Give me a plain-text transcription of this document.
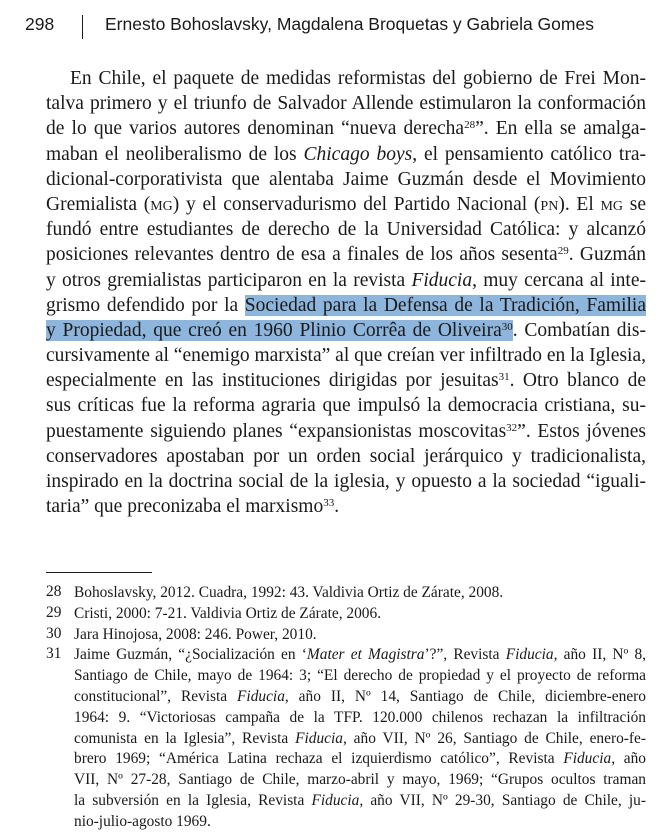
298	Ernesto Bohoslavsky, Magdalena Broquetas y Gabriela Gomes
En Chile, el paquete de medidas reformistas del gobierno de Frei Mon-
talva primero y el triunfo de Salvador Allende estimularon la conformación
de lo que varios autores denominan “nueva derecha$^{28}$”. En ella se amalga-
maban el neoliberalismo de los Chicago boys, el pensamiento católico tra-
dicional-corporativista que alentaba Jaime Guzmán desde el Movimiento
Gremialista (mg) y el conservadurismo del Partido Nacional (pn). El mg se
fundó entre estudiantes de derecho de la Universidad Católica: y alcanzó
posiciones relevantes dentro de esa a finales de los años sesenta$^{29}$. Guzmán
y otros gremialistas participaron en la revista Fiducia, muy cercana al inte-
grismo defendido por la Sociedad para la Defensa de la Tradición, Familia
y Propiedad, que creó en 1960 Plinio Corrêa de Oliveira$^{30}$. Combatían dis-
cursivamente al “enemigo marxista” al que creían ver infiltrado en la Iglesia,
especialmente en las instituciones dirigidas por jesuitas$^{31}$. Otro blanco de
sus críticas fue la reforma agraria que impulsó la democracia cristiana, su-
puestamente siguiendo planes “expansionistas moscovitas$^{32}$”. Estos jóvenes
conservadores apostaban por un orden social jerárquico y tradicionalista,
inspirado en la doctrina social de la iglesia, y opuesto a la sociedad “iguali-
taria” que preconizaba el marxismo$^{33}$.
28 Bohoslavsky, 2012. Cuadra, 1992: 43. Valdivia Ortiz de Zárate, 2008.
29 Cristi, 2000: 7-21. Valdivia Ortiz de Zárate, 2006.
30 Jara Hinojosa, 2008: 246. Power, 2010.
31 Jaime Guzmán, “¿Socialización en ‘Mater et Magistra’?”, Revista Fiducia, año II, Nº 8,
Santiago de Chile, mayo de 1964: 3; “El derecho de propiedad y el proyecto de reforma
constitucional”, Revista Fiducia, año II, Nº 14, Santiago de Chile, diciembre-enero
1964: 9. “Victoriosas campaña de la TFP. 120.000 chilenos rechazan la infiltración
comunista en la Iglesia”, Revista Fiducia, año VII, Nº 26, Santiago de Chile, enero-fe-
brero 1969; “América Latina rechaza el izquierdismo católico”, Revista Fiducia, año
VII, Nº 27-28, Santiago de Chile, marzo-abril y mayo, 1969; “Grupos ocultos traman
la subversión en la Iglesia, Revista Fiducia, año VII, Nº 29-30, Santiago de Chile, ju-
nio-julio-agosto 1969.
